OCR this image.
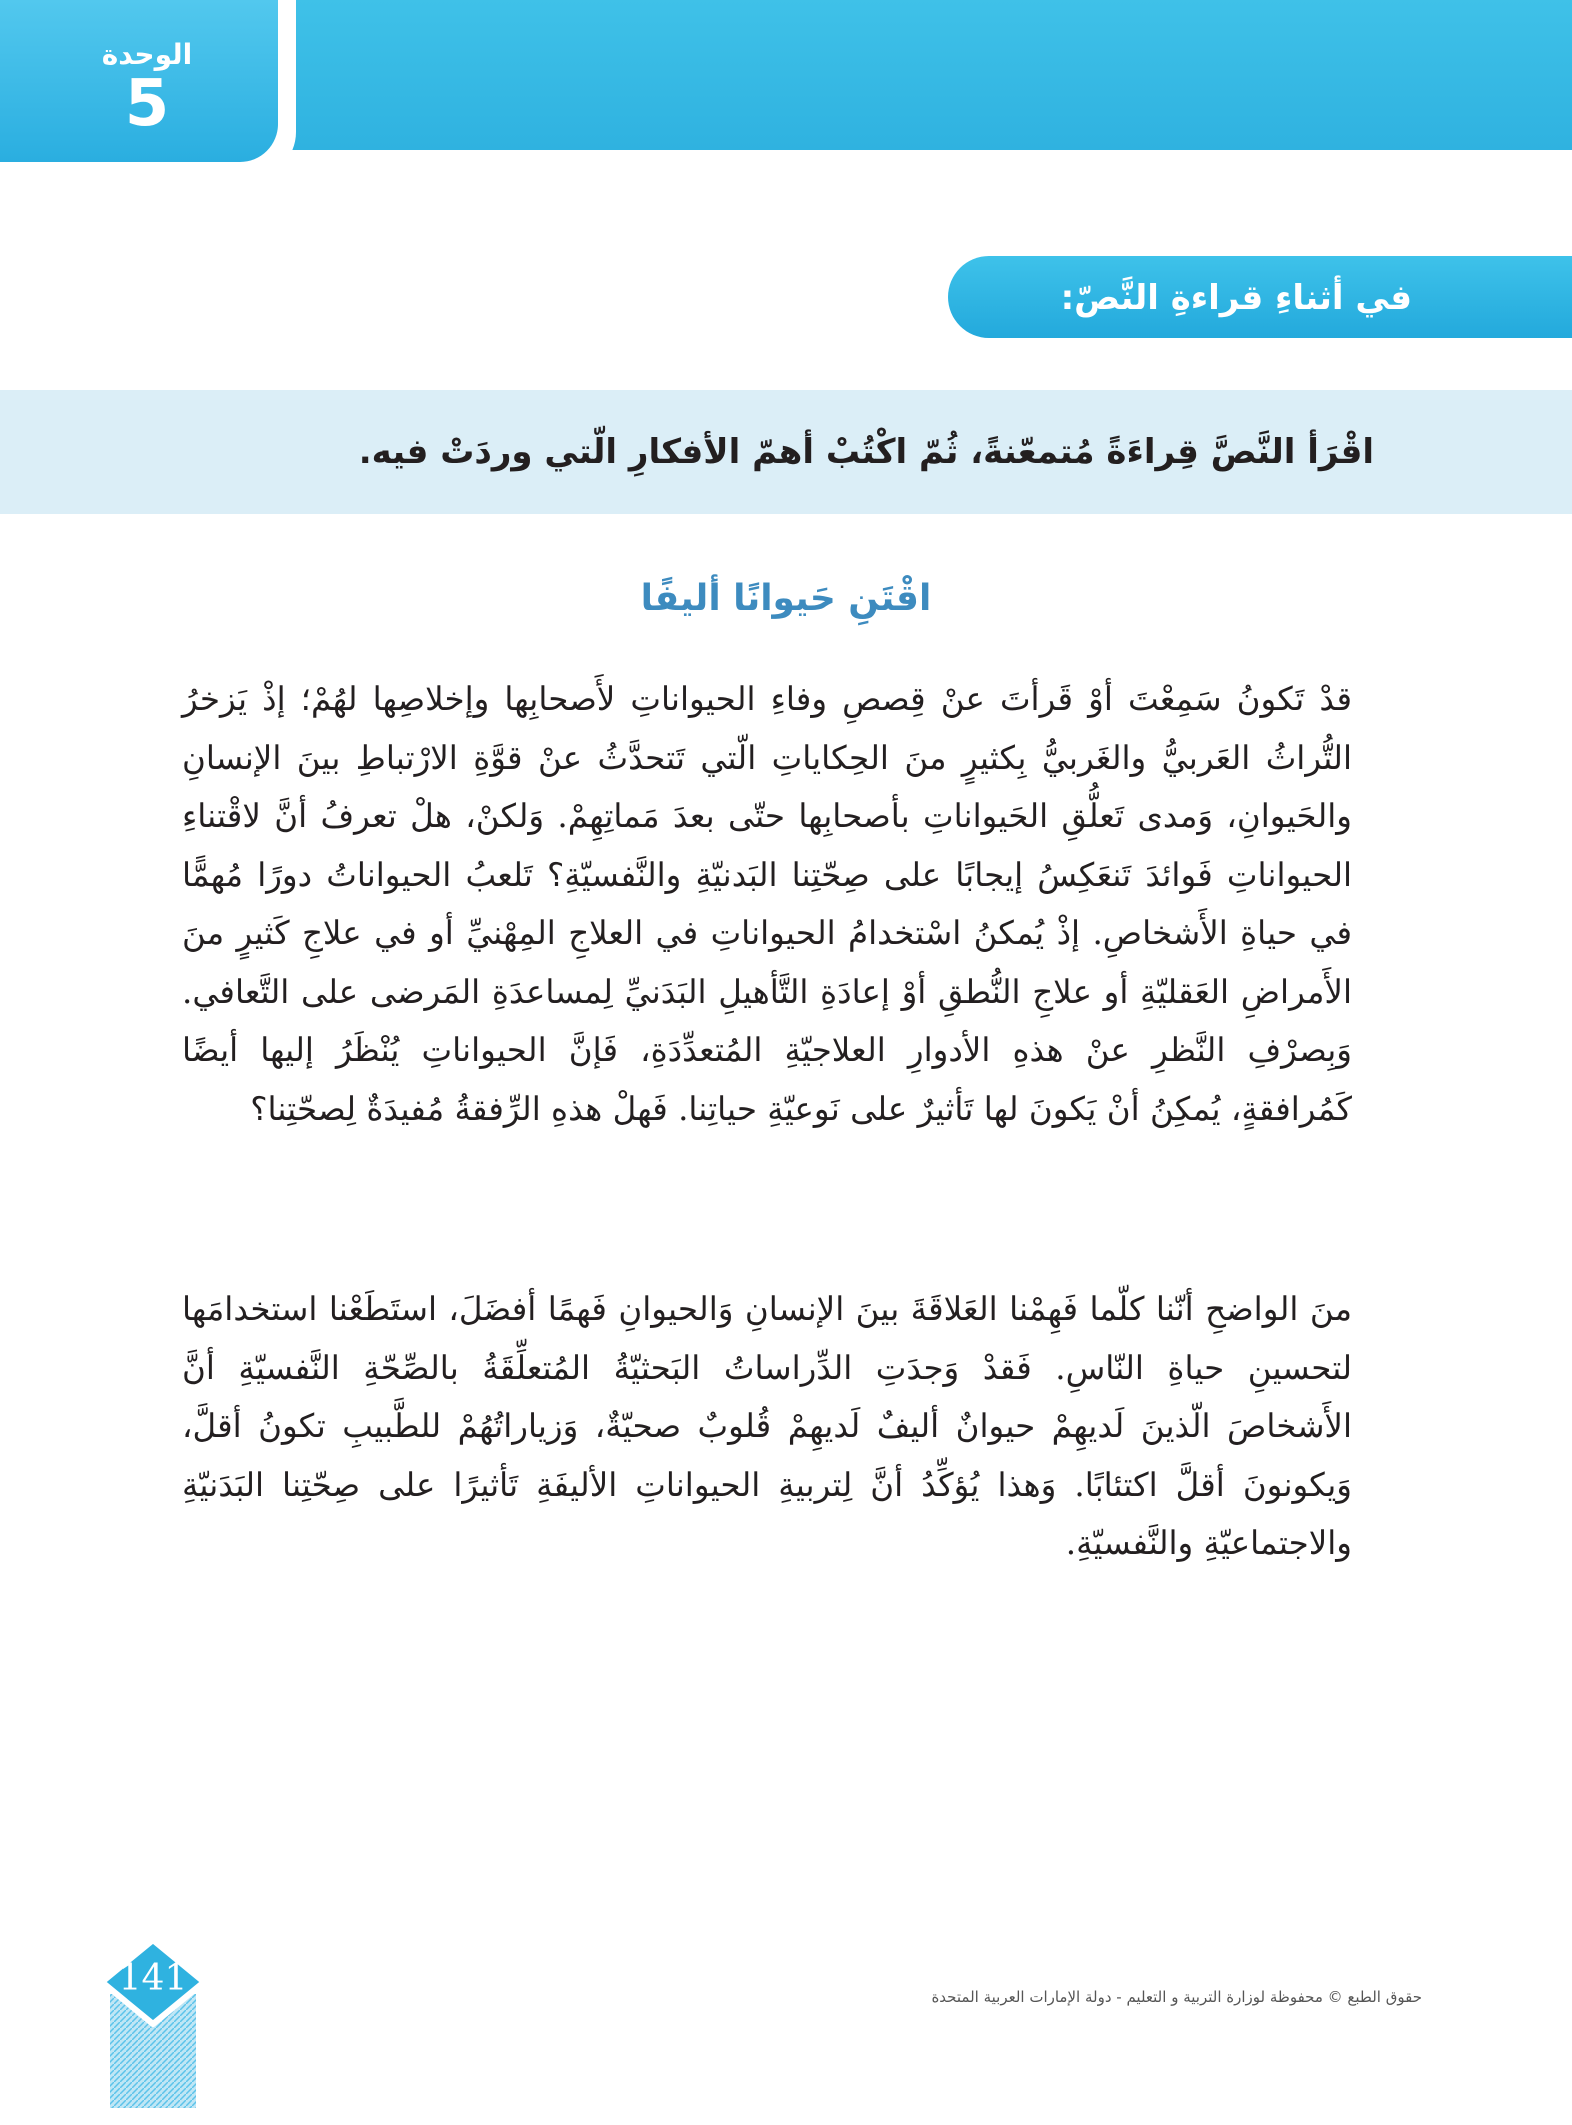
الوحدة
5
في أثناءِ قراءةِ النَّصّ:
اقْرَأ النَّصَّ قِراءَةً مُتمعّنةً، ثُمّ اكْتُبْ أهمّ الأفكارِ الّتي وردَتْ فيه.
اقْتَنِ حَيوانًا أليفًا
قدْ تَكونُ سَمِعْتَ أوْ قَرأتَ عنْ قِصصِ وفاءِ الحيواناتِ لأَصحابِها وإخلاصِها لهُمْ؛ إذْ يَزخرُ التُّراثُ العَربيُّ والغَربيُّ بِكثيرٍ منَ الحِكاياتِ الّتي تَتحدَّثُ عنْ قوَّةِ الارْتباطِ بينَ الإنسانِ والحَيوانِ، وَمدى تَعلُّقِ الحَيواناتِ بأصحابِها حتّى بعدَ مَماتِهِمْ. وَلكنْ، هلْ تعرفُ أنَّ لاقْتناءِ الحيواناتِ فَوائدَ تَنعَكِسُ إيجابًا على صِحّتِنا البَدنيّةِ والنَّفسيّةِ؟ تَلعبُ الحيواناتُ دورًا مُهمًّا في حياةِ الأَشخاصِ. إذْ يُمكنُ اسْتخدامُ الحيواناتِ في العلاجِ المِهْنيِّ أو في علاجِ كَثيرٍ منَ الأَمراضِ العَقليّةِ أو علاجِ النُّطقِ أوْ إعادَةِ التَّأهيلِ البَدَنيِّ لِمساعدَةِ المَرضى على التَّعافي. وَبِصرْفِ النَّظرِ عنْ هذهِ الأدوارِ العلاجيّةِ المُتعدِّدَةِ، فَإنَّ الحيواناتِ يُنْظَرُ إليها أيضًا كَمُرافقةٍ، يُمكِنُ أنْ يَكونَ لها تَأثيرٌ على نَوعيّةِ حياتِنا. فَهلْ هذهِ الرِّفقةُ مُفيدَةٌ لِصحّتِنا؟
منَ الواضحِ أنّنا كلّما فَهِمْنا العَلاقَةَ بينَ الإنسانِ وَالحيوانِ فَهمًا أفضَلَ، استَطَعْنا استخدامَها لتحسينِ حياةِ النّاسِ. فَقدْ وَجدَتِ الدِّراساتُ البَحثيّةُ المُتعلِّقَةُ بالصِّحّةِ النَّفسيّةِ أنَّ الأَشخاصَ الّذينَ لَديهِمْ حيوانٌ أليفٌ لَديهِمْ قُلوبٌ صحيّةٌ، وَزياراتُهُمْ للطَّبيبِ تكونُ أقلَّ، وَيكونونَ أقلَّ اكتئابًا. وَهذا يُؤكِّدُ أنَّ لِتربيةِ الحيواناتِ الأليفَةِ تَأثيرًا على صِحّتِنا البَدَنيّةِ والاجتماعيّةِ والنَّفسيّةِ.
141	حقوق الطبع © محفوظة لوزارة التربية و التعليم - دولة الإمارات العربية المتحدة
